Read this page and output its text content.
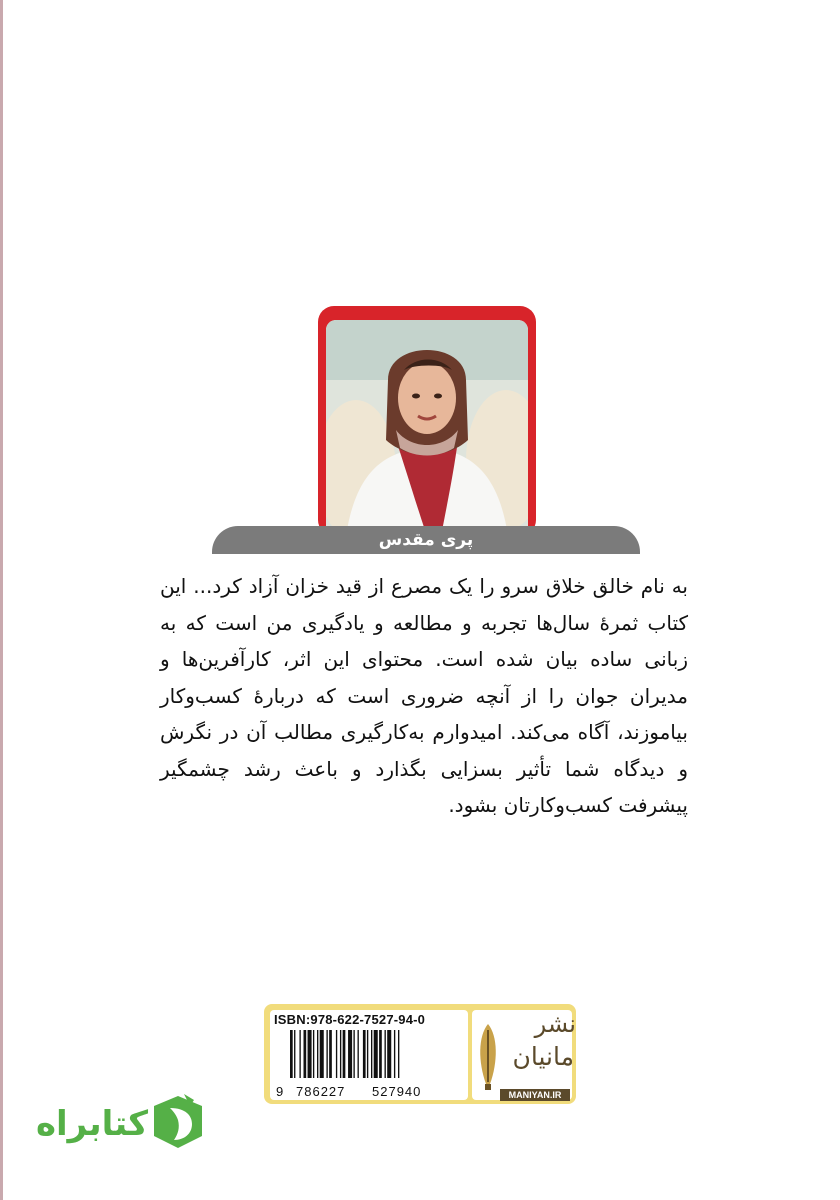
پری مقدس
به نام خالق خلاق سرو را یک مصرع از قید خزان آزاد کرد... این کتاب ثمرهٔ سال‌ها تجربه و مطالعه و یادگیری من است که به زبانی ساده بیان شده است. محتوای این اثر، کارآفرین‌ها و مدیران جوان را از آنچه ضروری است که دربارهٔ کسب‌وکار بیاموزند، آگاه می‌کند. امیدوارم به‌کارگیری مطالب آن در نگرش و دیدگاه شما تأثیر بسزایی بگذارد و باعث رشد چشمگیر پیشرفت کسب‌وکارتان بشود.
ISBN:978-622-7527-94-0
9 786227 527940
نشر
مانیان
MANIYAN.IR
کتابراه
